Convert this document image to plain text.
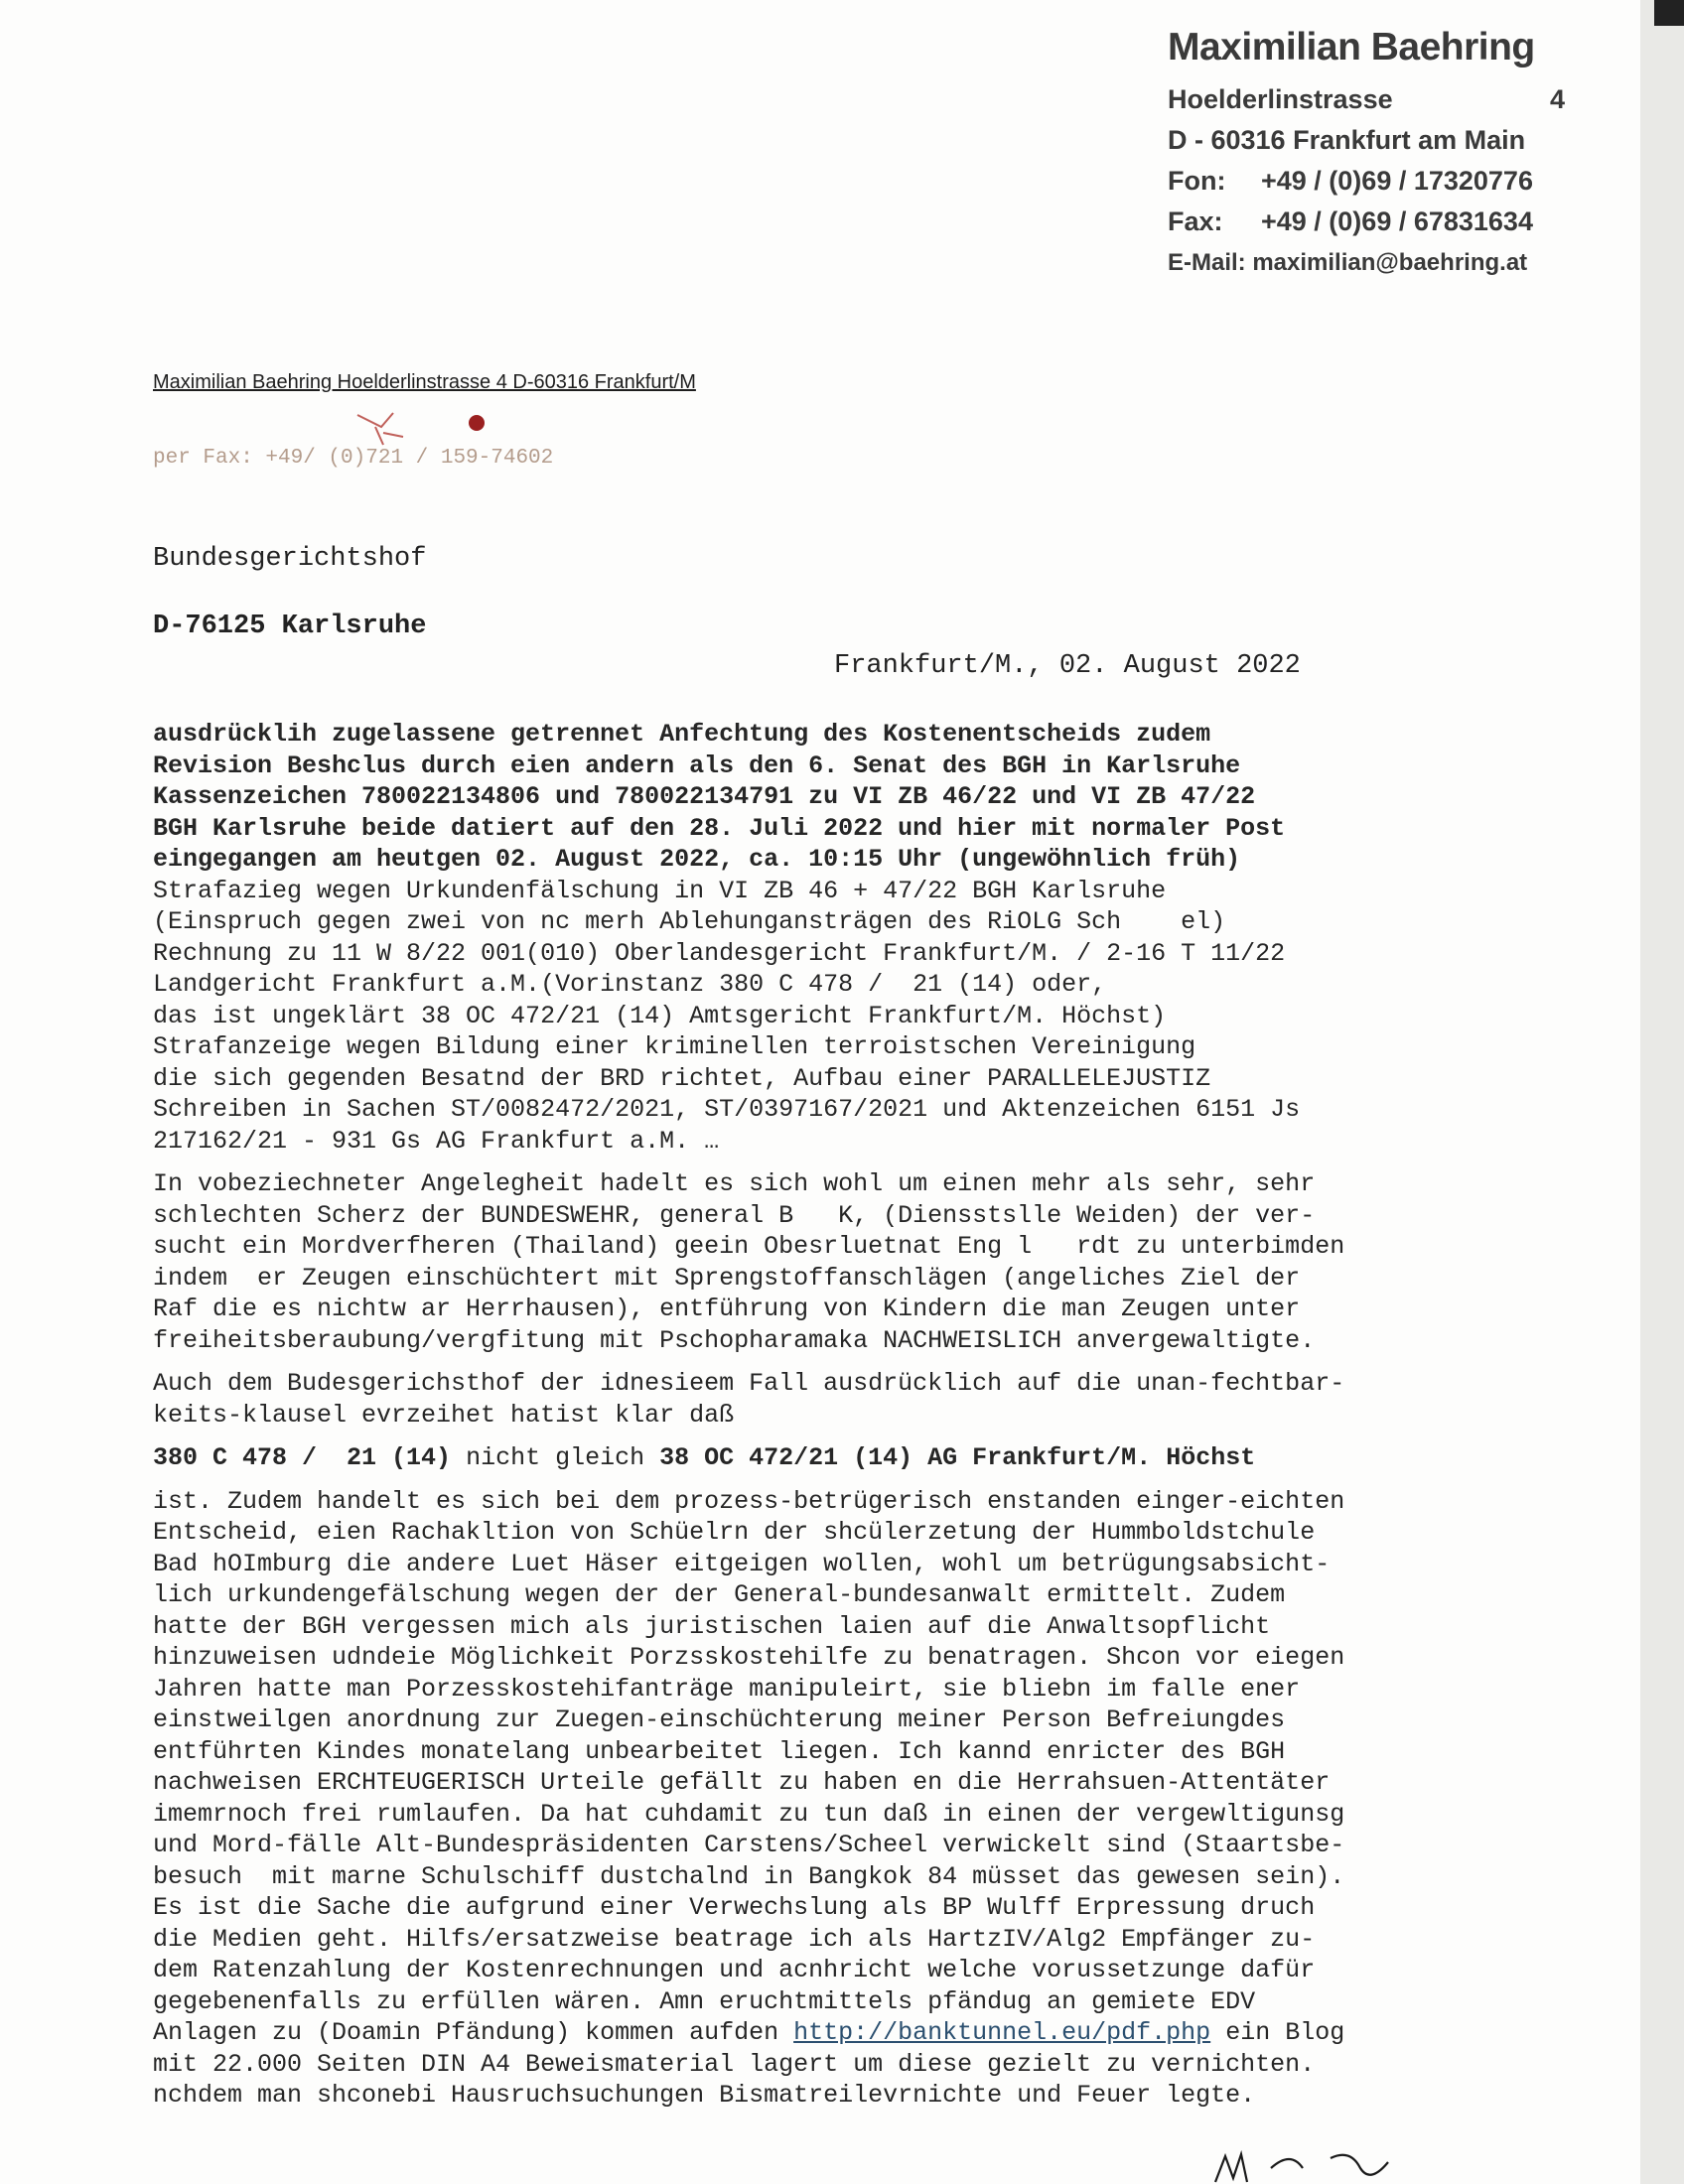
Maximilian Baehring
Hoelderlinstrasse	4
D - 60316 Frankfurt am Main
Fon: +49 / (0)69 / 17320776
Fax: +49 / (0)69 / 67831634
E-Mail: maximilian@baehring.at
Maximilian Baehring Hoelderlinstrasse 4 D-60316 Frankfurt/M
per Fax: +49/ (0)721 / 159-74602
Bundesgerichtshof
D-76125 Karlsruhe
Frankfurt/M., 02. August 2022
ausdrücklih zugelassene getrennet Anfechtung des Kostenentscheids zudem
Revision Beshclus durch eien andern als den 6. Senat des BGH in Karlsruhe
Kassenzeichen 780022134806 und 780022134791 zu VI ZB 46/22 und VI ZB 47/22
BGH Karlsruhe beide datiert auf den 28. Juli 2022 und hier mit normaler Post
eingegangen am heutgen 02. August 2022, ca. 10:15 Uhr (ungewöhnlich früh)
Strafazieg wegen Urkundenfälschung in VI ZB 46 + 47/22 BGH Karlsruhe
(Einspruch gegen zwei von nc merh Ablehungansträgen des RiOLG Sch    el)
Rechnung zu 11 W 8/22 001(010) Oberlandesgericht Frankfurt/M. / 2-16 T 11/22
Landgericht Frankfurt a.M.(Vorinstanz 380 C 478 /  21 (14) oder,
das ist ungeklärt 38 OC 472/21 (14) Amtsgericht Frankfurt/M. Höchst)
Strafanzeige wegen Bildung einer kriminellen terroistschen Vereinigung
die sich gegenden Besatnd der BRD richtet, Aufbau einer PARALLELEJUSTIZ
Schreiben in Sachen ST/0082472/2021, ST/0397167/2021 und Aktenzeichen 6151 Js
217162/21 - 931 Gs AG Frankfurt a.M. …
In vobeziechneter Angelegheit hadelt es sich wohl um einen mehr als sehr, sehr
schlechten Scherz der BUNDESWEHR, general B   K, (Diensstslle Weiden) der ver-
sucht ein Mordverfheren (Thailand) geein Obesrluetnat Eng l   rdt zu unterbimden
indem  er Zeugen einschüchtert mit Sprengstoffanschlägen (angeliches Ziel der
Raf die es nichtw ar Herrhausen), entführung von Kindern die man Zeugen unter
freiheitsberaubung/vergfitung mit Pschopharamaka NACHWEISLICH anvergewaltigte.
Auch dem Budesgerichsthof der idnesieem Fall ausdrücklich auf die unan-fechtbar-
keits-klausel evrzeihet hatist klar daß
380 C 478 /  21 (14) nicht gleich 38 OC 472/21 (14) AG Frankfurt/M. Höchst
ist. Zudem handelt es sich bei dem prozess-betrügerisch enstanden einger-eichten
Entscheid, eien Rachakltion von Schüelrn der shcülerzetung der Hummboldstchule
Bad hOImburg die andere Luet Häser eitgeigen wollen, wohl um betrügungsabsicht-
lich urkundengefälschung wegen der der General-bundesanwalt ermittelt. Zudem
hatte der BGH vergessen mich als juristischen laien auf die Anwaltsopflicht
hinzuweisen udndeie Möglichkeit Porzsskostehilfe zu benatragen. Shcon vor eiegen
Jahren hatte man Porzesskostehifanträge manipuleirt, sie bliebn im falle ener
einstweilgen anordnung zur Zuegen-einschüchterung meiner Person Befreiungdes
entführten Kindes monatelang unbearbeitet liegen. Ich kannd enricter des BGH
nachweisen ERCHTEUGERISCH Urteile gefällt zu haben en die Herrahsuen-Attentäter
imemrnoch frei rumlaufen. Da hat cuhdamit zu tun daß in einen der vergewltigunsg
und Mord-fälle Alt-Bundespräsidenten Carstens/Scheel verwickelt sind (Staartsbe-
besuch  mit marne Schulschiff dustchalnd in Bangkok 84 müsset das gewesen sein).
Es ist die Sache die aufgrund einer Verwechslung als BP Wulff Erpressung druch
die Medien geht. Hilfs/ersatzweise beatrage ich als HartzIV/Alg2 Empfänger zu-
dem Ratenzahlung der Kostenrechnungen und acnhricht welche vorussetzunge dafür
gegebenenfalls zu erfüllen wären. Amn eruchtmittels pfändug an gemiete EDV
Anlagen zu (Doamin Pfändung) kommen aufden http://banktunnel.eu/pdf.php ein Blog
mit 22.000 Seiten DIN A4 Beweismaterial lagert um diese gezielt zu vernichten.
nchdem man shconebi Hausruchsuchungen Bismatreilevrnichte und Feuer legte.
